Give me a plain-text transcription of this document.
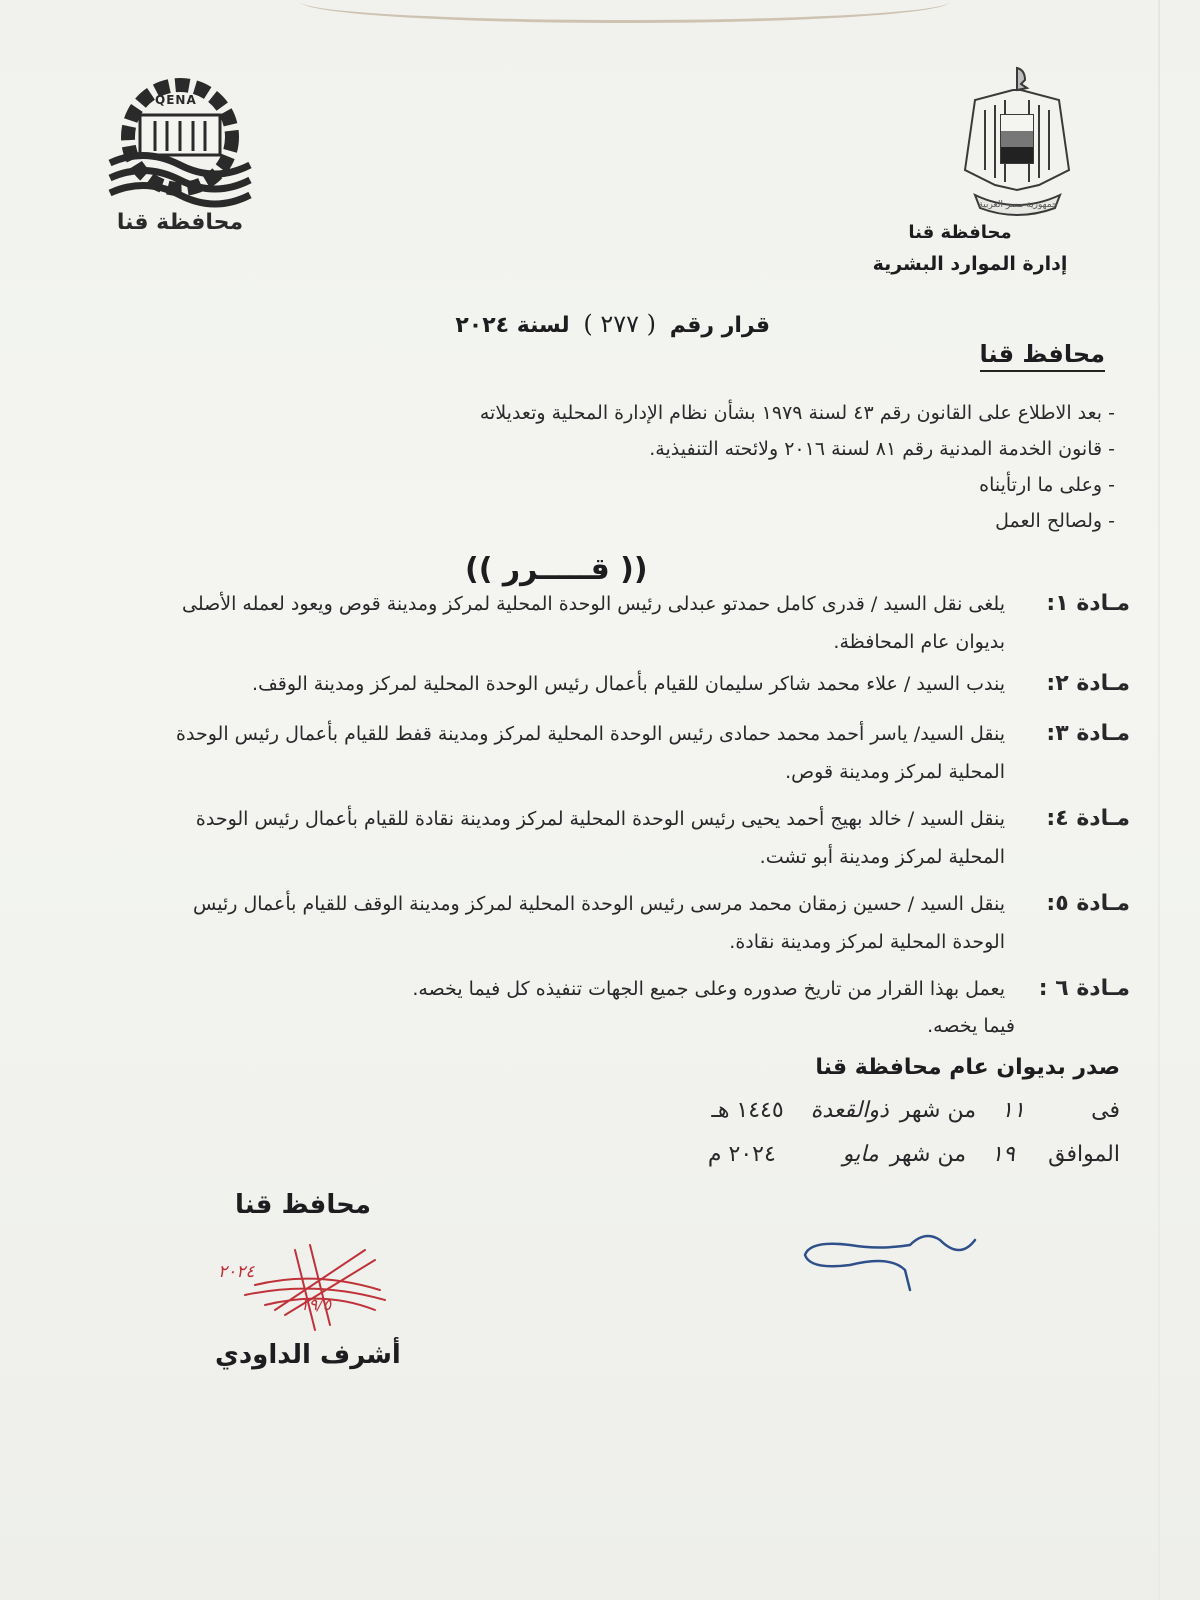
QENA
محافظة قنا
جمهورية مصر العربية
محافظة قنا
إدارة الموارد البشرية
قرار رقم ( ٢٧٧ ) لسنة ٢٠٢٤
محافظ قنا
- بعد الاطلاع على القانون رقم ٤٣ لسنة ١٩٧٩ بشأن نظام الإدارة المحلية وتعديلاته
- قانون الخدمة المدنية رقم ٨١ لسنة ٢٠١٦ ولائحته التنفيذية.
- وعلى ما ارتأيناه
- ولصالح العمل
(( قـــــرر ))
مـادة ١:
يلغى نقل السيد / قدرى كامل حمدتو عبدلى رئيس الوحدة المحلية لمركز ومدينة قوص ويعود لعمله الأصلى
بديوان عام المحافظة.
مـادة ٢:
يندب السيد / علاء محمد شاكر سليمان للقيام بأعمال رئيس الوحدة المحلية لمركز ومدينة الوقف.
مـادة ٣:
ينقل السيد/ ياسر أحمد محمد حمادى رئيس الوحدة المحلية لمركز ومدينة قفط للقيام بأعمال رئيس الوحدة
المحلية لمركز ومدينة قوص.
مـادة ٤:
ينقل السيد / خالد بهيج أحمد يحيى رئيس الوحدة المحلية لمركز ومدينة نقادة للقيام بأعمال رئيس الوحدة
المحلية لمركز ومدينة أبو تشت.
مـادة ٥:
ينقل السيد / حسين زمقان محمد مرسى رئيس الوحدة المحلية لمركز ومدينة الوقف للقيام بأعمال رئيس
الوحدة المحلية لمركز ومدينة نقادة.
مـادة ٦ :
يعمل بهذا القرار من تاريخ صدوره وعلى جميع الجهات تنفيذه كل فيما يخصه.
فيما يخصه.
صدر بديوان عام محافظة قنا
فى ١١ من شهر ذوالقعدة ١٤٤٥ هـ
الموافق ١٩ من شهر مايو ٢٠٢٤ م
محافظ قنا
٢٠٢٤
١٩/٥
أشرف الداودي
